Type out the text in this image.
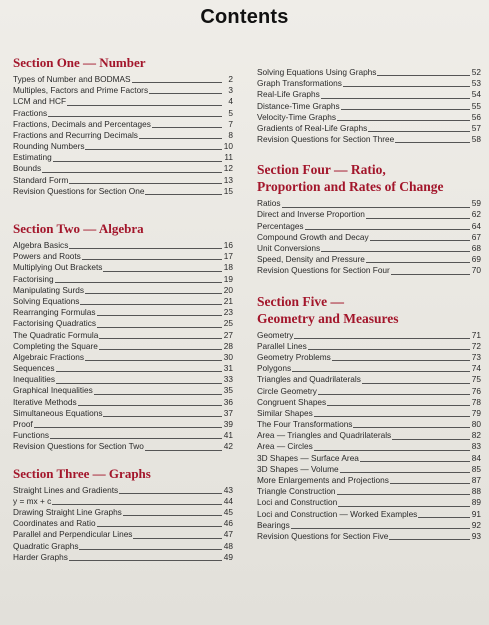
Contents
Section One — Number
Types of Number and BODMAS	2
Multiples, Factors and Prime Factors	3
LCM and HCF	4
Fractions	5
Fractions, Decimals and Percentages	7
Fractions and Recurring Decimals	8
Rounding Numbers	10
Estimating	11
Bounds	12
Standard Form	13
Revision Questions for Section One	15
Section Two — Algebra
Algebra Basics	16
Powers and Roots	17
Multiplying Out Brackets	18
Factorising	19
Manipulating Surds	20
Solving Equations	21
Rearranging Formulas	23
Factorising Quadratics	25
The Quadratic Formula	27
Completing the Square	28
Algebraic Fractions	30
Sequences	31
Inequalities	33
Graphical Inequalities	35
Iterative Methods	36
Simultaneous Equations	37
Proof	39
Functions	41
Revision Questions for Section Two	42
Section Three — Graphs
Straight Lines and Gradients	43
y = mx + c	44
Drawing Straight Line Graphs	45
Coordinates and Ratio	46
Parallel and Perpendicular Lines	47
Quadratic Graphs	48
Harder Graphs	49
Solving Equations Using Graphs	52
Graph Transformations	53
Real-Life Graphs	54
Distance-Time Graphs	55
Velocity-Time Graphs	56
Gradients of Real-Life Graphs	57
Revision Questions for Section Three	58
Section Four — Ratio,
Proportion and Rates of Change
Ratios	59
Direct and Inverse Proportion	62
Percentages	64
Compound Growth and Decay	67
Unit Conversions	68
Speed, Density and Pressure	69
Revision Questions for Section Four	70
Section Five —
Geometry and Measures
Geometry	71
Parallel Lines	72
Geometry Problems	73
Polygons	74
Triangles and Quadrilaterals	75
Circle Geometry	76
Congruent Shapes	78
Similar Shapes	79
The Four Transformations	80
Area — Triangles and Quadrilaterals	82
Area — Circles	83
3D Shapes — Surface Area	84
3D Shapes — Volume	85
More Enlargements and Projections	87
Triangle Construction	88
Loci and Construction	89
Loci and Construction — Worked Examples	91
Bearings	92
Revision Questions for Section Five	93
